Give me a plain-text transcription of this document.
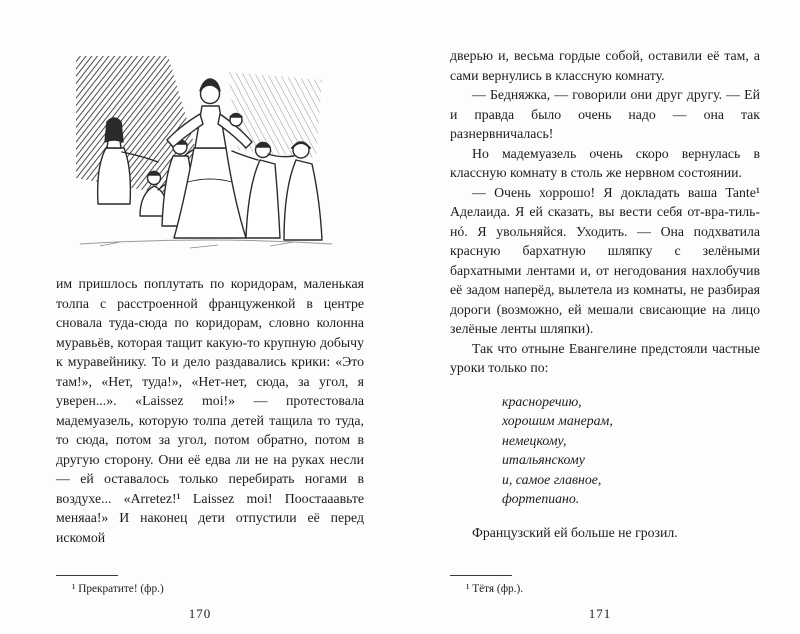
им пришлось поплутать по коридорам, маленькая толпа с расстроенной француженкой в центре сновала туда-сюда по коридорам, словно колонна муравьёв, которая тащит какую-то крупную добычу к муравейнику. То и дело раздавались крики: «Это там!», «Нет, туда!», «Нет-нет, сюда, за угол, я уверен...». «Laissez moi!» — протестовала мадемуазель, которую толпа детей тащила то туда, то сюда, потом за угол, потом обратно, потом в другую сторону. Они её едва ли не на руках несли — ей оставалось только перебирать ногами в воздухе... «Arretez!¹ Laissez moi! Поостааавьте меняаа!» И наконец дети отпустили её перед искомой

¹ Прекратите! (фр.)

170

дверью и, весьма гордые собой, оставили её там, а сами вернулись в классную комнату.

— Бедняжка, — говорили они друг другу. — Ей и правда было очень надо — она так разнервничалась!

Но мадемуазель очень скоро вернулась в классную комнату в столь же нервном состоянии.

— Очень хоррошо! Я докладать ваша Tante¹ Аделаида. Я ей сказать, вы вести себя от-вра-тиль-нó. Я увольняйся. Уходить. — Она подхватила красную бархатную шляпку с зелёными бархатными лентами и, от негодования нахлобучив её задом наперёд, вылетела из комнаты, не разбирая дороги (возможно, ей мешали свисающие на лицо зелёные ленты шляпки).

Так что отныне Евангелине предстояли частные уроки только по:

красноречию,
хорошим манерам,
немецкому,
итальянскому
и, самое главное,
фортепиано.

Французский ей больше не грозил.

¹ Тётя (фр.).

171
